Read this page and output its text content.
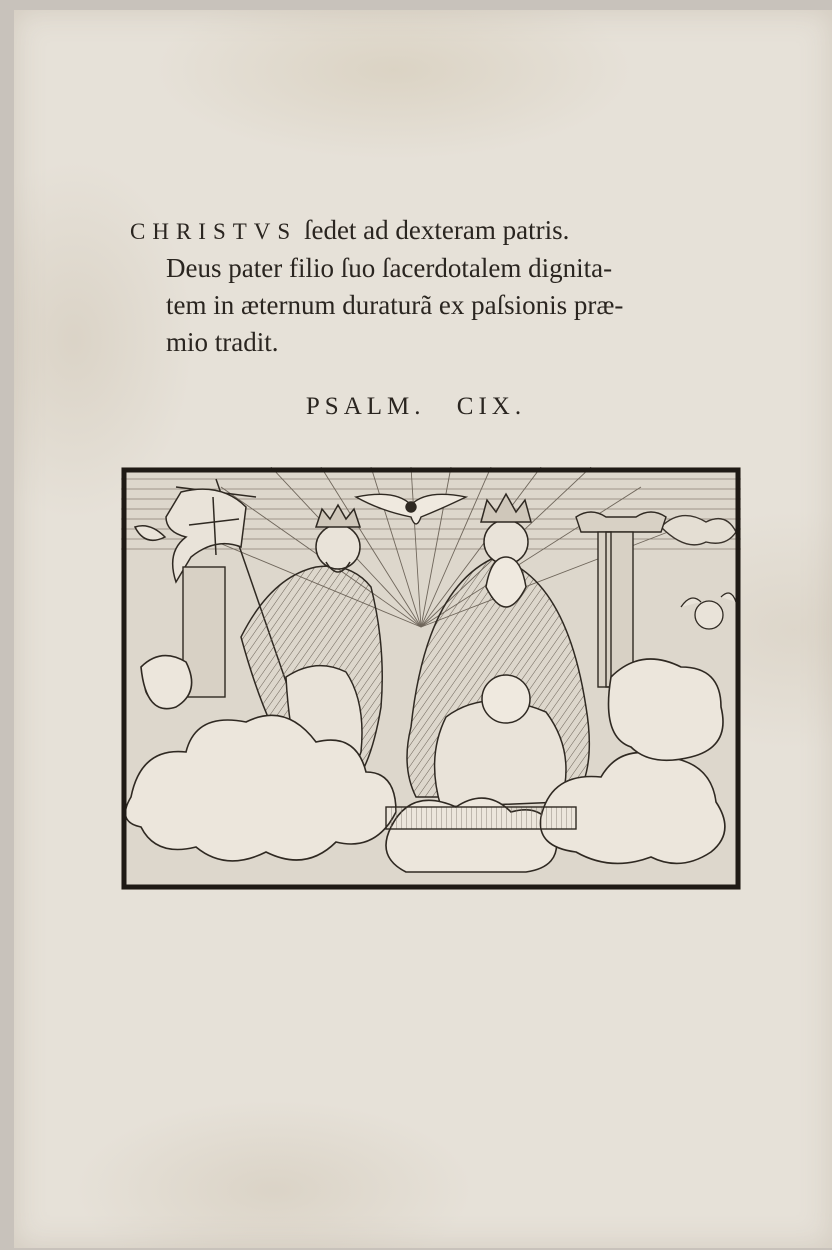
CHRISTVS ſedet ad dexteram patris.
Deus pater filio ſuo ſacerdotalem dignita-
tem in æternum duraturã ex paſsionis præ-
mio tradit.
PSALM. CIX.
